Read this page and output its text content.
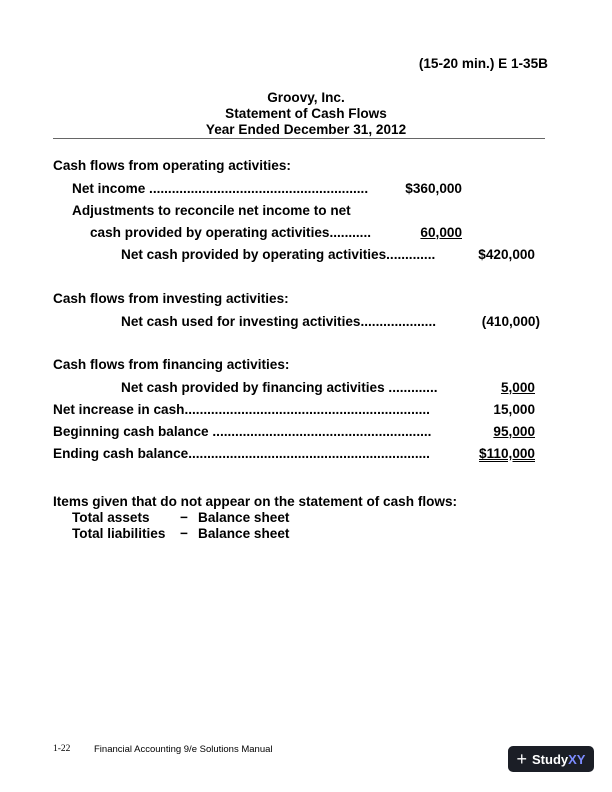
(15-20 min.) E 1-35B
Groovy, Inc.
Statement of Cash Flows
Year Ended December 31, 2012
Cash flows from operating activities:
Net income ..........................................................	$360,000
Adjustments to reconcile net income to net
cash provided by operating activities...........	60,000
Net cash provided by operating activities.............	$420,000
Cash flows from investing activities:
Net cash used for investing activities....................	(410,000)
Cash flows from financing activities:
Net cash provided by financing activities .............	5,000
Net increase in cash.................................................................	15,000
Beginning cash balance ..........................................................	95,000
Ending cash balance................................................................	$110,000
Items given that do not appear on the statement of cash flows:
Total assets − Balance sheet
Total liabilities − Balance sheet
1-22 Financial Accounting 9/e Solutions Manual	+ Study XY
